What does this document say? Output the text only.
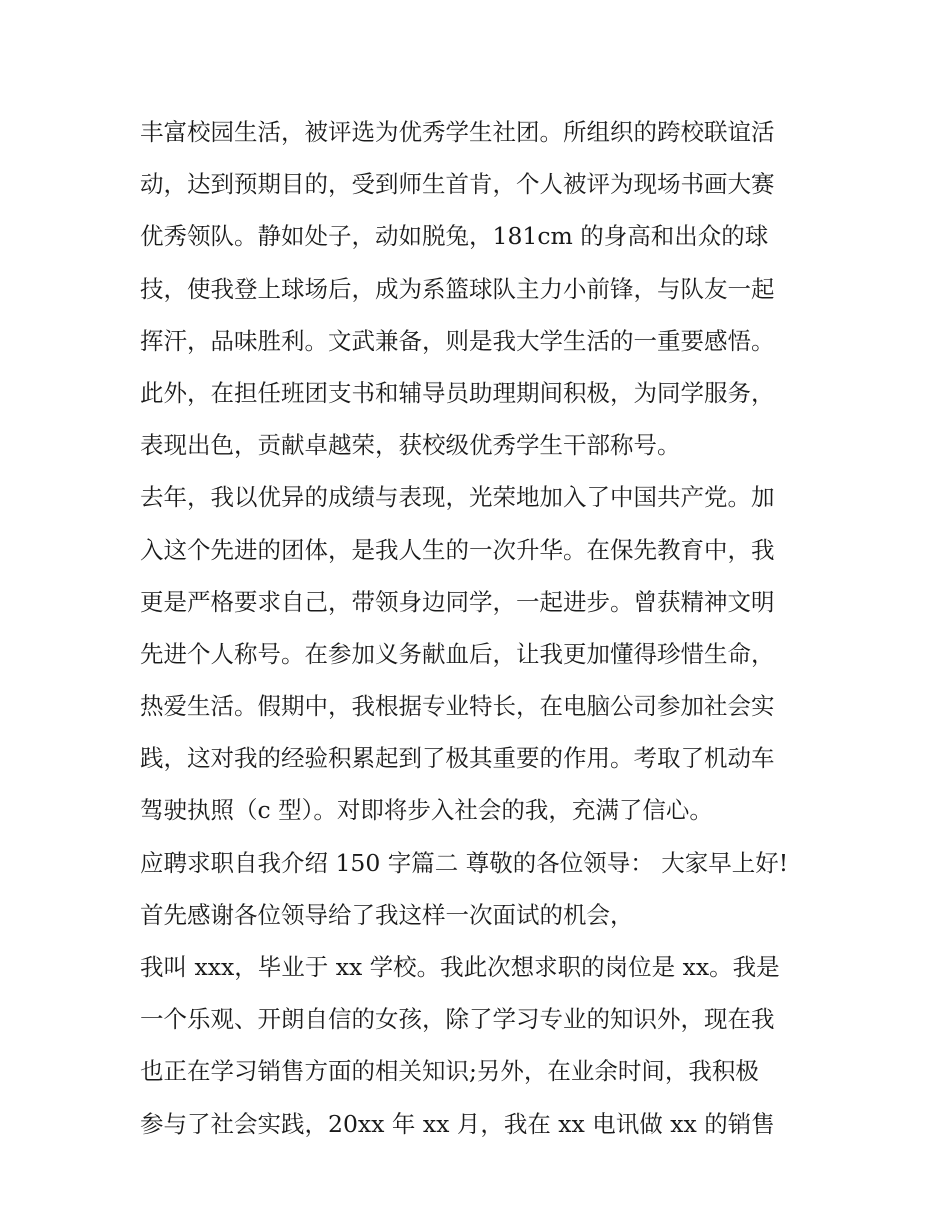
丰富校园生活，被评选为优秀学生社团。所组织的跨校联谊活
动，达到预期目的，受到师生首肯，个人被评为现场书画大赛
优秀领队。静如处子，动如脱兔，181cm 的身高和出众的球
技，使我登上球场后，成为系篮球队主力小前锋，与队友一起
挥汗，品味胜利。文武兼备，则是我大学生活的一重要感悟。
此外，在担任班团支书和辅导员助理期间积极，为同学服务，
表现出色，贡献卓越荣，获校级优秀学生干部称号。
去年，我以优异的成绩与表现，光荣地加入了中国共产党。加
入这个先进的团体，是我人生的一次升华。在保先教育中，我
更是严格要求自己，带领身边同学，一起进步。曾获精神文明
先进个人称号。在参加义务献血后，让我更加懂得珍惜生命，
热爱生活。假期中，我根据专业特长，在电脑公司参加社会实
践，这对我的经验积累起到了极其重要的作用。考取了机动车
驾驶执照（c 型）。对即将步入社会的我，充满了信心。
应聘求职自我介绍 150 字篇二 尊敬的各位领导： 大家早上好!
首先感谢各位领导给了我这样一次面试的机会，
我叫 xxx，毕业于 xx 学校。我此次想求职的岗位是 xx。我是
一个乐观、开朗自信的女孩，除了学习专业的知识外，现在我
也正在学习销售方面的相关知识;另外，在业余时间，我积极
参与了社会实践，20xx 年 xx 月，我在 xx 电讯做 xx 的销售
